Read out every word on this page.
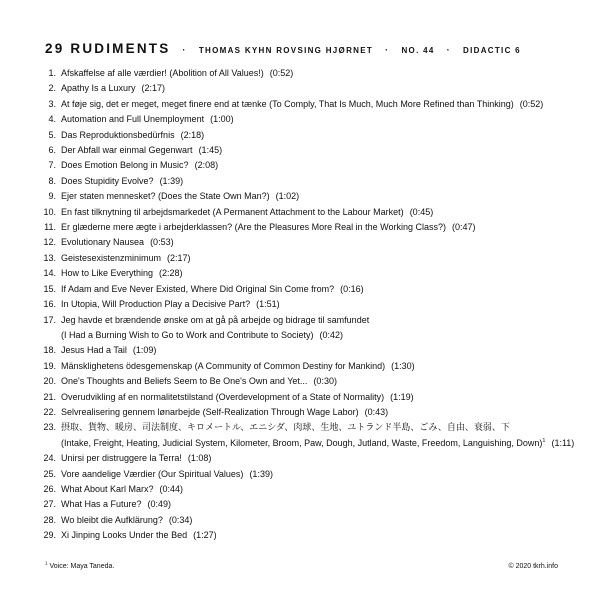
29 RUDIMENTS · THOMAS KYHN ROVSING HJØRNET · NO. 44 · DIDACTIC 6
1. Afskaffelse af alle værdier! (Abolition of All Values!) (0:52)
2. Apathy Is a Luxury (2:17)
3. At føje sig, det er meget, meget finere end at tænke (To Comply, That Is Much, Much More Refined than Thinking) (0:52)
4. Automation and Full Unemployment (1:00)
5. Das Reproduktionsbedürfnis (2:18)
6. Der Abfall war einmal Gegenwart (1:45)
7. Does Emotion Belong in Music? (2:08)
8. Does Stupidity Evolve? (1:39)
9. Ejer staten mennesket? (Does the State Own Man?) (1:02)
10. En fast tilknytning til arbejdsmarkedet (A Permanent Attachment to the Labour Market) (0:45)
11. Er glæderne mere ægte i arbejderklassen? (Are the Pleasures More Real in the Working Class?) (0:47)
12. Evolutionary Nausea (0:53)
13. Geistesexistenzminimum (2:17)
14. How to Like Everything (2:28)
15. If Adam and Eve Never Existed, Where Did Original Sin Come from? (0:16)
16. In Utopia, Will Production Play a Decisive Part? (1:51)
17. Jeg havde et brændende ønske om at gå på arbejde og bidrage til samfundet
(I Had a Burning Wish to Go to Work and Contribute to Society) (0:42)
18. Jesus Had a Tail (1:09)
19. Mänsklighetens ödesgemenskap (A Community of Common Destiny for Mankind) (1:30)
20. One's Thoughts and Beliefs Seem to Be One's Own and Yet... (0:30)
21. Overudvikling af en normalitetstilstand (Overdevelopment of a State of Normality) (1:19)
22. Selvrealisering gennem lønarbejde (Self-Realization Through Wage Labor) (0:43)
23. 摂取、貨物、暖房、司法制度、キロメートル、エニシダ、肉球、生地、ユトランド半島、ごみ、自由、衰弱、下
(Intake, Freight, Heating, Judicial System, Kilometer, Broom, Paw, Dough, Jutland, Waste, Freedom, Languishing, Down)$^1$ (1:11)
24. Unirsi per distruggere la Terra! (1:08)
25. Vore aandelige Værdier (Our Spiritual Values) (1:39)
26. What About Karl Marx? (0:44)
27. What Has a Future? (0:49)
28. Wo bleibt die Aufklärung? (0:34)
29. Xi Jinping Looks Under the Bed (1:27)
$^1$ Voice: Maya Taneda.	© 2020 tkrh.info
